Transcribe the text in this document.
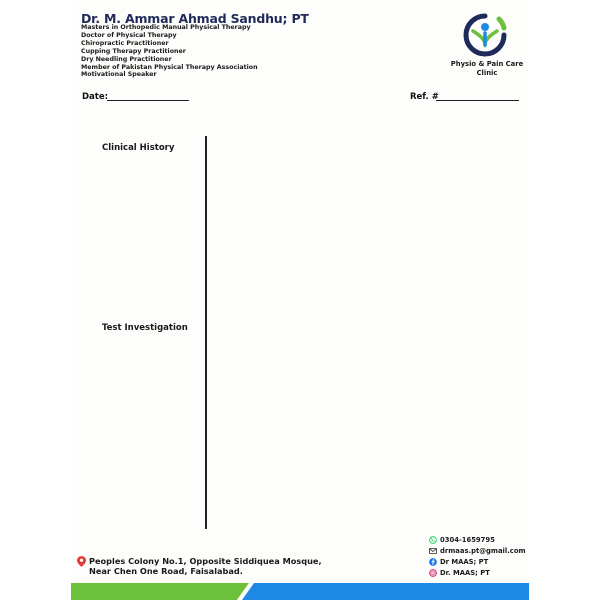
Dr. M. Ammar Ahmad Sandhu; PT
Masters in Orthopedic Manual Physical Therapy
Doctor of Physical Therapy
Chiropractic Practitioner
Cupping Therapy Practitioner
Dry Needling Practitioner
Member of Pakistan Physical Therapy Association
Motivational Speaker
Physio & Pain Care
Clinic
Date:	Ref. #
Clinical History
Test Investigation
Peoples Colony No.1, Opposite Siddiquea Mosque,
Near Chen One Road, Faisalabad.
0304-1659795
drmaas.pt@gmail.com
Dr MAAS; PT
Dr. MAAS; PT
